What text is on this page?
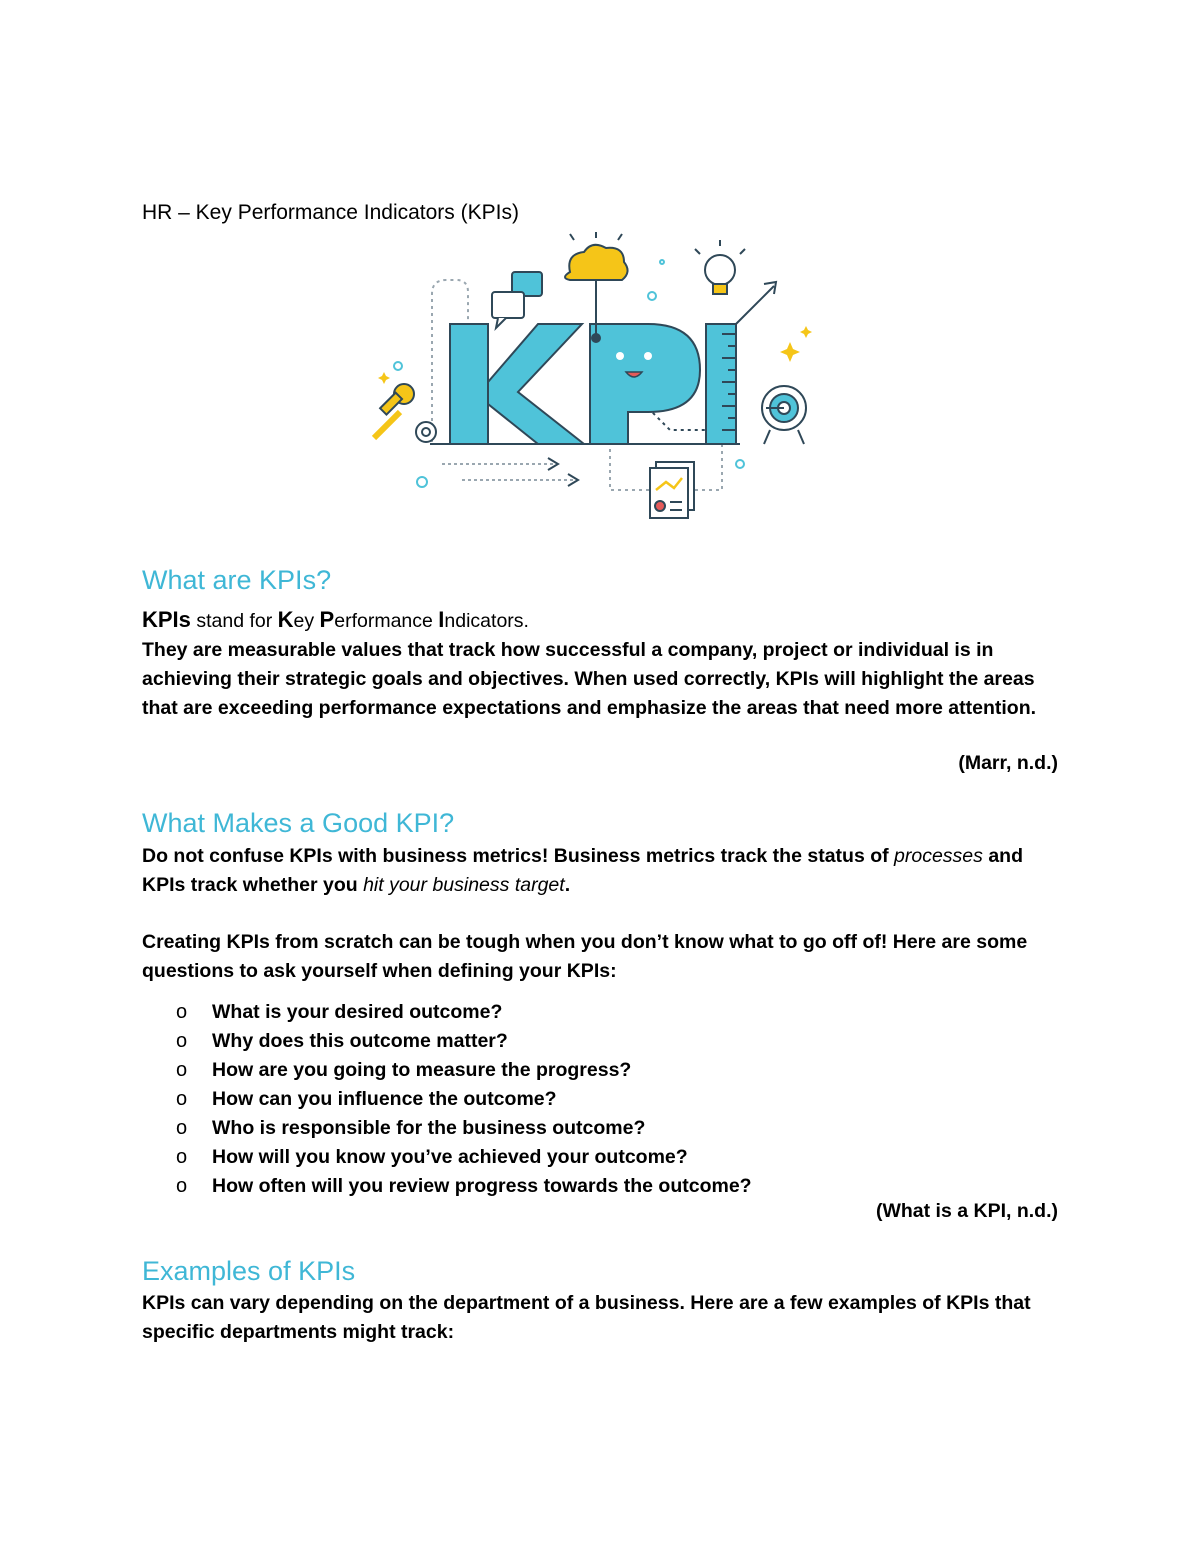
HR – Key Performance Indicators (KPIs)
What are KPIs?
KPIs stand for Key Performance Indicators.
They are measurable values that track how successful a company, project or individual is in achieving their strategic goals and objectives. When used correctly, KPIs will highlight the areas that are exceeding performance expectations and emphasize the areas that need more attention.
(Marr, n.d.)
What Makes a Good KPI?
Do not confuse KPIs with business metrics! Business metrics track the status of processes and KPIs track whether you hit your business target.
Creating KPIs from scratch can be tough when you don’t know what to go off of! Here are some questions to ask yourself when defining your KPIs:
o	What is your desired outcome?
o	Why does this outcome matter?
o	How are you going to measure the progress?
o	How can you influence the outcome?
o	Who is responsible for the business outcome?
o	How will you know you’ve achieved your outcome?
o	How often will you review progress towards the outcome?
(What is a KPI, n.d.)
Examples of KPIs
KPIs can vary depending on the department of a business. Here are a few examples of KPIs that specific departments might track:
